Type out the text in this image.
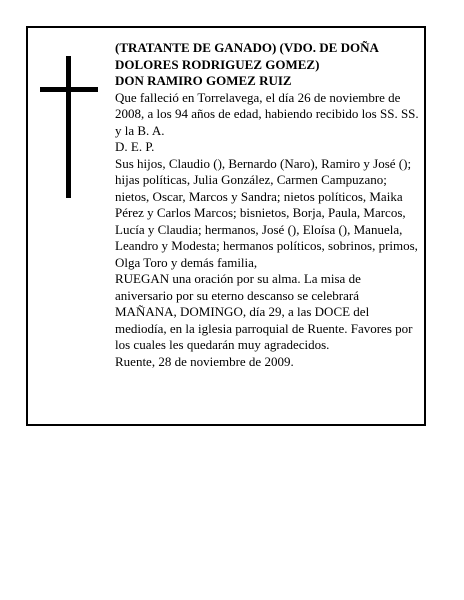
(TRATANTE DE GANADO) (VDO. DE DOÑA DOLORES RODRIGUEZ GOMEZ)

DON RAMIRO GOMEZ RUIZ

Que falleció en Torrelavega, el día 26 de noviembre de 2008, a los 94 años de edad, habiendo recibido los SS. SS. y la B. A.

D. E. P.

Sus hijos, Claudio (), Bernardo (Naro), Ramiro y José (); hijas políticas, Julia González, Carmen Campuzano; nietos, Oscar, Marcos y Sandra; nietos políticos, Maika Pérez y Carlos Marcos; bisnietos, Borja, Paula, Marcos, Lucía y Claudia; hermanos, José (), Eloísa (), Manuela, Leandro y Modesta; hermanos políticos, sobrinos, primos, Olga Toro y demás familia,

RUEGAN una oración por su alma. La misa de aniversario por su eterno descanso se celebrará MAÑANA, DOMINGO, día 29, a las DOCE del mediodía, en la iglesia parroquial de Ruente. Favores por los cuales les quedarán muy agradecidos.

Ruente, 28 de noviembre de 2009.
